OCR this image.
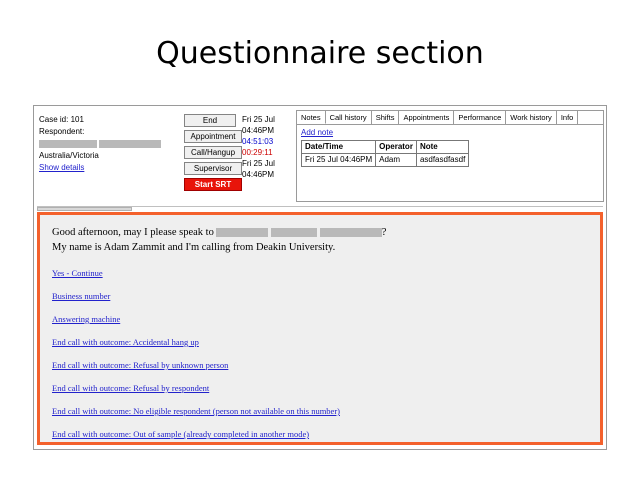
Questionnaire section
Case id: 101
Respondent:

Australia/Victoria
Show details
End
Appointment
Call/Hangup
Supervisor
Start SRT
Fri 25 Jul
04:46PM
04:51:03
00:29:11
Fri 25 Jul
04:46PM
Notes	Call history	Shifts	Appointments	Performance	Work history	Info
Add note
Date/Time	Operator	Note
Fri 25 Jul 04:46PM	Adam	asdfasdfasdf
Good afternoon, may I please speak to	?
My name is Adam Zammit and I'm calling from Deakin University.
Yes - Continue
Business number
Answering machine
End call with outcome: Accidental hang up
End call with outcome: Refusal by unknown person
End call with outcome: Refusal by respondent
End call with outcome: No eligible respondent (person not available on this number)
End call with outcome: Out of sample (already completed in another mode)
